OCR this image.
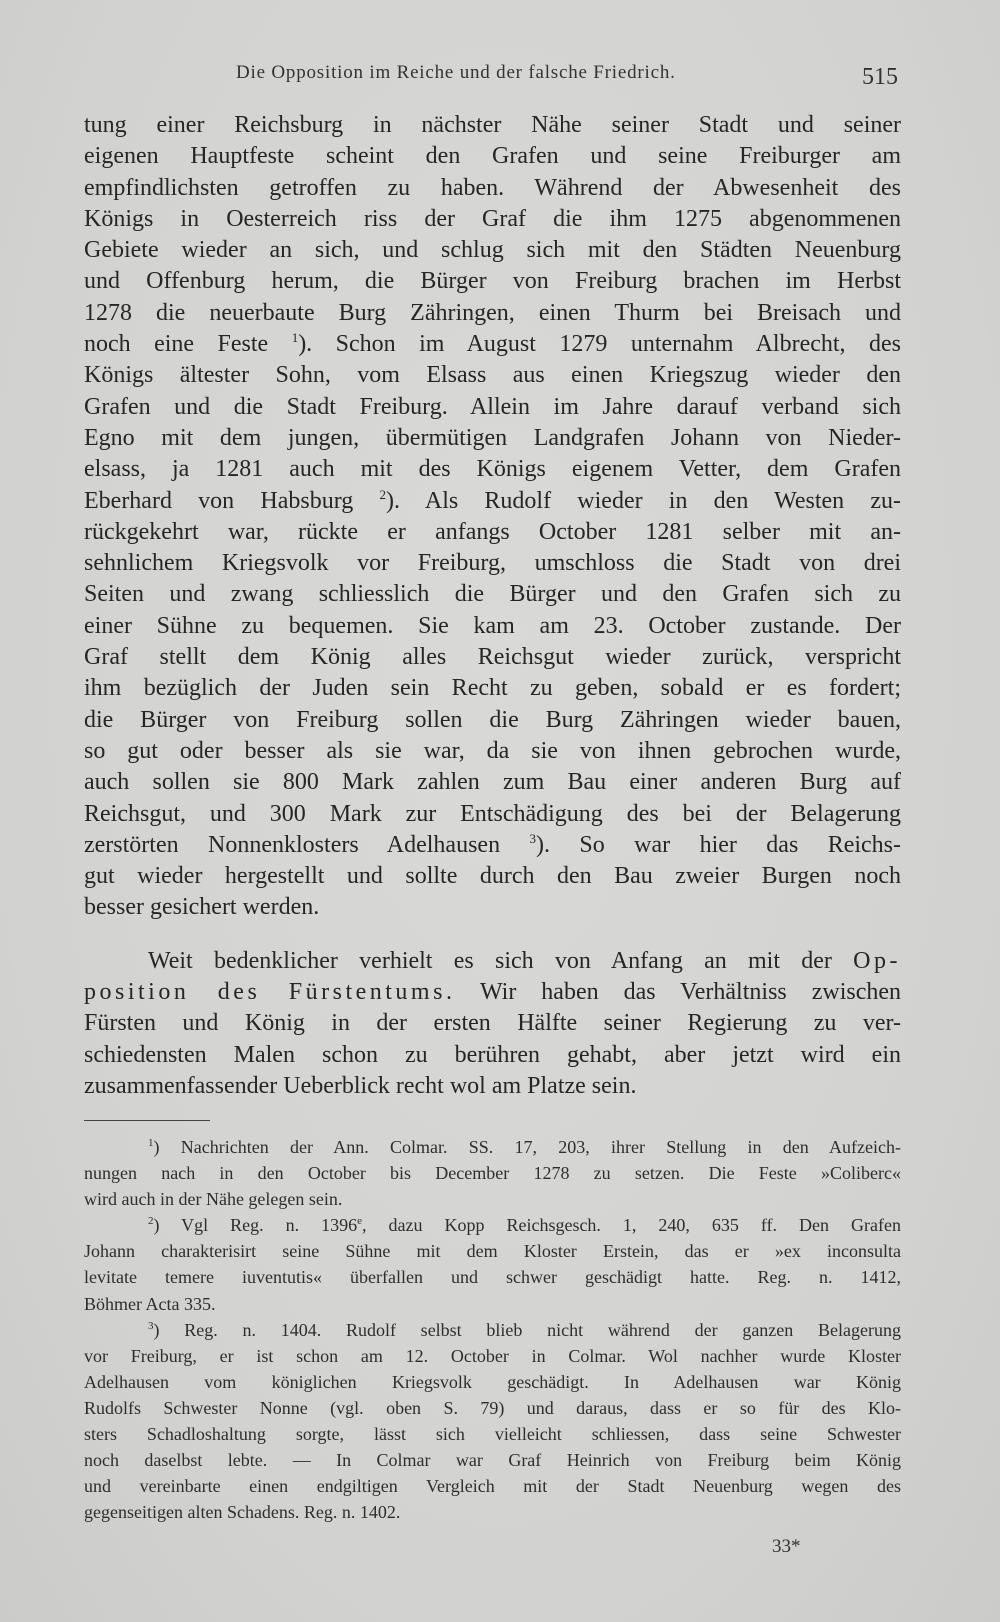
Die Opposition im Reiche und der falsche Friedrich.	515
tung einer Reichsburg in nächster Nähe seiner Stadt und seiner
eigenen Hauptfeste scheint den Grafen und seine Freiburger am
empfindlichsten getroffen zu haben. Während der Abwesenheit des
Königs in Oesterreich riss der Graf die ihm 1275 abgenommenen
Gebiete wieder an sich, und schlug sich mit den Städten Neuenburg
und Offenburg herum, die Bürger von Freiburg brachen im Herbst
1278 die neuerbaute Burg Zähringen, einen Thurm bei Breisach und
noch eine Feste $^1$). Schon im August 1279 unternahm Albrecht, des
Königs ältester Sohn, vom Elsass aus einen Kriegszug wieder den
Grafen und die Stadt Freiburg. Allein im Jahre darauf verband sich
Egno mit dem jungen, übermütigen Landgrafen Johann von Nieder-
elsass, ja 1281 auch mit des Königs eigenem Vetter, dem Grafen
Eberhard von Habsburg $^2$). Als Rudolf wieder in den Westen zu-
rückgekehrt war, rückte er anfangs October 1281 selber mit an-
sehnlichem Kriegsvolk vor Freiburg, umschloss die Stadt von drei
Seiten und zwang schliesslich die Bürger und den Grafen sich zu
einer Sühne zu bequemen. Sie kam am 23. October zustande. Der
Graf stellt dem König alles Reichsgut wieder zurück, verspricht
ihm bezüglich der Juden sein Recht zu geben, sobald er es fordert;
die Bürger von Freiburg sollen die Burg Zähringen wieder bauen,
so gut oder besser als sie war, da sie von ihnen gebrochen wurde,
auch sollen sie 800 Mark zahlen zum Bau einer anderen Burg auf
Reichsgut, und 300 Mark zur Entschädigung des bei der Belagerung
zerstörten Nonnenklosters Adelhausen $^3$). So war hier das Reichs-
gut wieder hergestellt und sollte durch den Bau zweier Burgen noch
besser gesichert werden.
Weit bedenklicher verhielt es sich von Anfang an mit der Op-
position des Fürstentums. Wir haben das Verhältniss zwischen
Fürsten und König in der ersten Hälfte seiner Regierung zu ver-
schiedensten Malen schon zu berühren gehabt, aber jetzt wird ein
zusammenfassender Ueberblick recht wol am Platze sein.
$^1$) Nachrichten der Ann. Colmar. SS. 17, 203, ihrer Stellung in den Aufzeich-
nungen nach in den October bis December 1278 zu setzen. Die Feste »Coliberc«
wird auch in der Nähe gelegen sein.
$^2$) Vgl Reg. n. 1396e, dazu Kopp Reichsgesch. 1, 240, 635 ff. Den Grafen
Johann charakterisirt seine Sühne mit dem Kloster Erstein, das er »ex inconsulta
levitate temere iuventutis« überfallen und schwer geschädigt hatte. Reg. n. 1412,
Böhmer Acta 335.
$^3$) Reg. n. 1404. Rudolf selbst blieb nicht während der ganzen Belagerung
vor Freiburg, er ist schon am 12. October in Colmar. Wol nachher wurde Kloster
Adelhausen vom königlichen Kriegsvolk geschädigt. In Adelhausen war König
Rudolfs Schwester Nonne (vgl. oben S. 79) und daraus, dass er so für des Klo-
sters Schadloshaltung sorgte, lässt sich vielleicht schliessen, dass seine Schwester
noch daselbst lebte. — In Colmar war Graf Heinrich von Freiburg beim König
und vereinbarte einen endgiltigen Vergleich mit der Stadt Neuenburg wegen des
gegenseitigen alten Schadens. Reg. n. 1402.
33*
